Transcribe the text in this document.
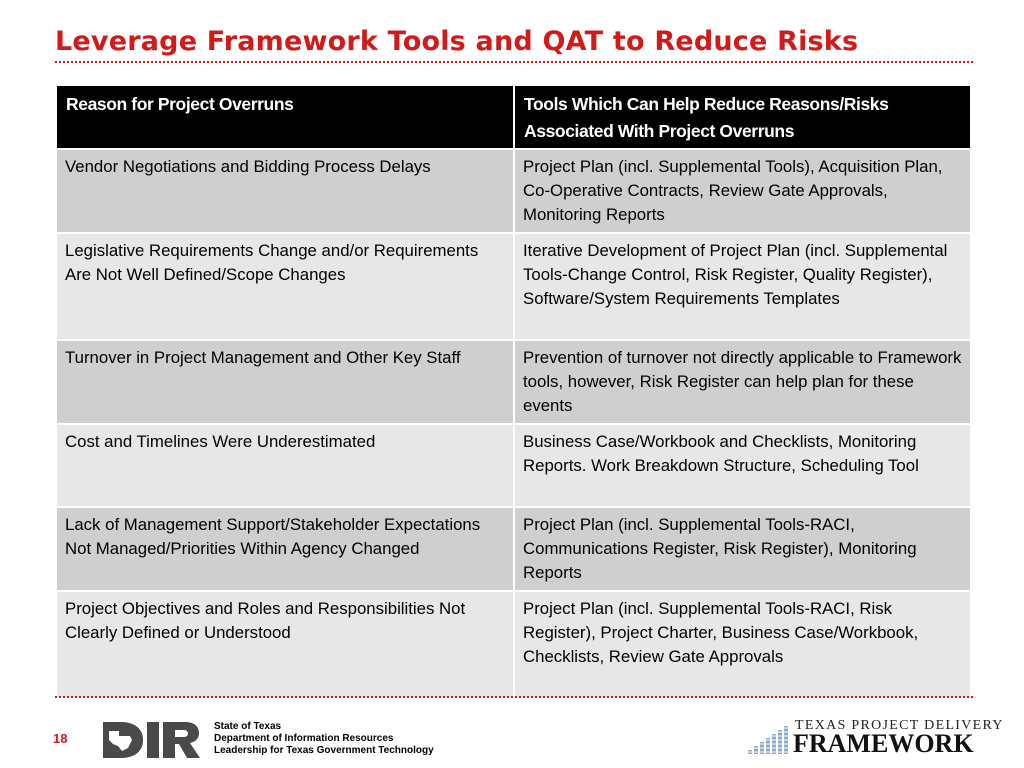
Leverage Framework Tools and QAT to Reduce Risks
Reason for Project Overruns	Tools Which Can Help Reduce Reasons/Risks Associated With Project Overruns
Vendor Negotiations and Bidding Process Delays	Project Plan (incl. Supplemental Tools), Acquisition Plan, Co-Operative Contracts, Review Gate Approvals, Monitoring Reports
Legislative Requirements Change and/or Requirements Are Not Well Defined/Scope Changes	Iterative Development of Project Plan (incl. Supplemental Tools-Change Control, Risk Register, Quality Register), Software/System Requirements Templates
Turnover in Project Management and Other Key Staff	Prevention of turnover not directly applicable to Framework tools, however, Risk Register can help plan for these events
Cost and Timelines Were Underestimated	Business Case/Workbook and Checklists, Monitoring Reports. Work Breakdown Structure, Scheduling Tool
Lack of Management Support/Stakeholder Expectations Not Managed/Priorities Within Agency Changed	Project Plan (incl. Supplemental Tools-RACI, Communications Register, Risk Register), Monitoring Reports
Project Objectives and Roles and Responsibilities Not Clearly Defined or Understood	Project Plan (incl. Supplemental Tools-RACI, Risk Register), Project Charter, Business Case/Workbook, Checklists, Review Gate Approvals
18
State of Texas
Department of Information Resources
Leadership for Texas Government Technology
TEXAS PROJECT DELIVERY
FRAMEWORK
